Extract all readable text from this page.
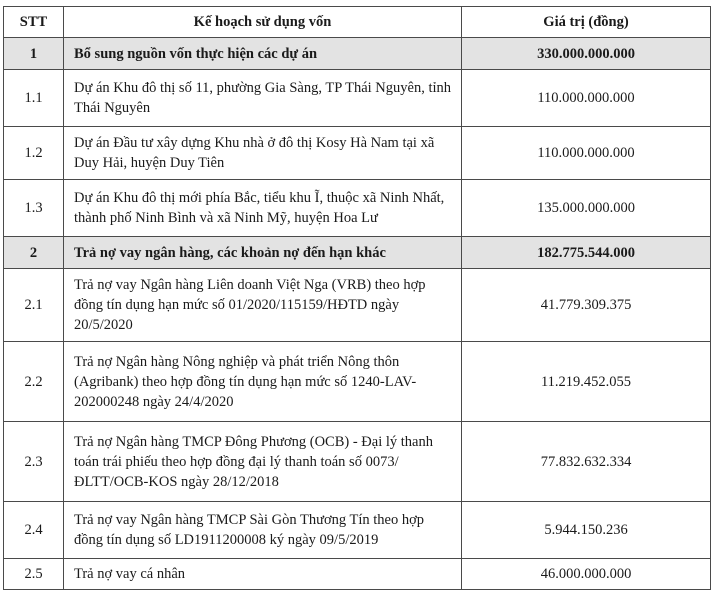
STT	Kế hoạch sử dụng vốn	Giá trị (đồng)
1	Bổ sung nguồn vốn thực hiện các dự án	330.000.000.000
1.1	Dự án Khu đô thị số 11, phường Gia Sàng, TP Thái Nguyên, tỉnh Thái Nguyên	110.000.000.000
1.2	Dự án Đầu tư xây dựng Khu nhà ở đô thị Kosy Hà Nam tại xã Duy Hải, huyện Duy Tiên	110.000.000.000
1.3	Dự án Khu đô thị mới phía Bắc, tiểu khu Ĩ, thuộc xã Ninh Nhất, thành phố Ninh Bình và xã Ninh Mỹ, huyện Hoa Lư	135.000.000.000
2	Trả nợ vay ngân hàng, các khoản nợ đến hạn khác	182.775.544.000
2.1	Trả nợ vay Ngân hàng Liên doanh Việt Nga (VRB) theo hợp đồng tín dụng hạn mức số 01/2020/115159/HĐTD ngày 20/5/2020	41.779.309.375
2.2	Trả nợ Ngân hàng Nông nghiệp và phát triển Nông thôn (Agribank) theo hợp đồng tín dụng hạn mức số 1240-LAV-202000248 ngày 24/4/2020	11.219.452.055
2.3	Trả nợ Ngân hàng TMCP Đông Phương (OCB) - Đại lý thanh toán trái phiếu theo hợp đồng đại lý thanh toán số 0073/ĐLTT/OCB-KOS ngày 28/12/2018	77.832.632.334
2.4	Trả nợ vay Ngân hàng TMCP Sài Gòn Thương Tín theo hợp đồng tín dụng số LD1911200008 ký ngày 09/5/2019	5.944.150.236
2.5	Trả nợ vay cá nhân	46.000.000.000
